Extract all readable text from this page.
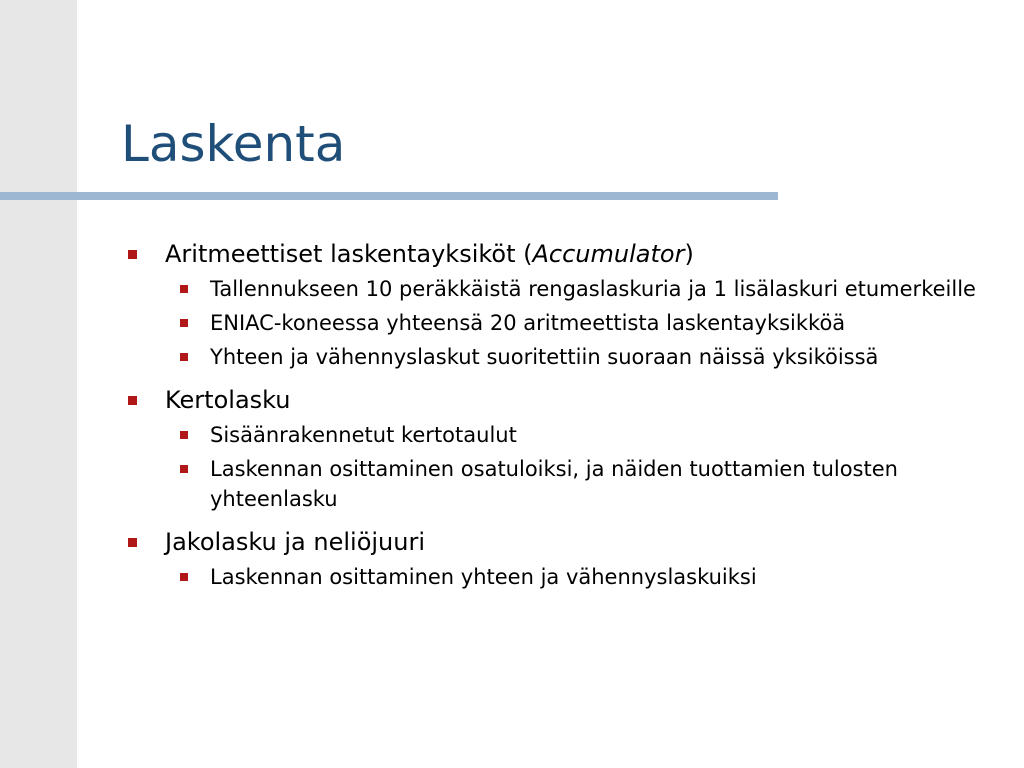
Laskenta
Aritmeettiset laskentayksiköt (Accumulator)
Tallennukseen 10 peräkkäistä rengaslaskuria ja 1 lisälaskuri etumerkeille
ENIAC-koneessa yhteensä 20 aritmeettista laskentayksikköä
Yhteen ja vähennyslaskut suoritettiin suoraan näissä yksiköissä
Kertolasku
Sisäänrakennetut kertotaulut
Laskennan osittaminen osatuloiksi, ja näiden tuottamien tulosten yhteenlasku
Jakolasku ja neliöjuuri
Laskennan osittaminen yhteen ja vähennyslaskuiksi
